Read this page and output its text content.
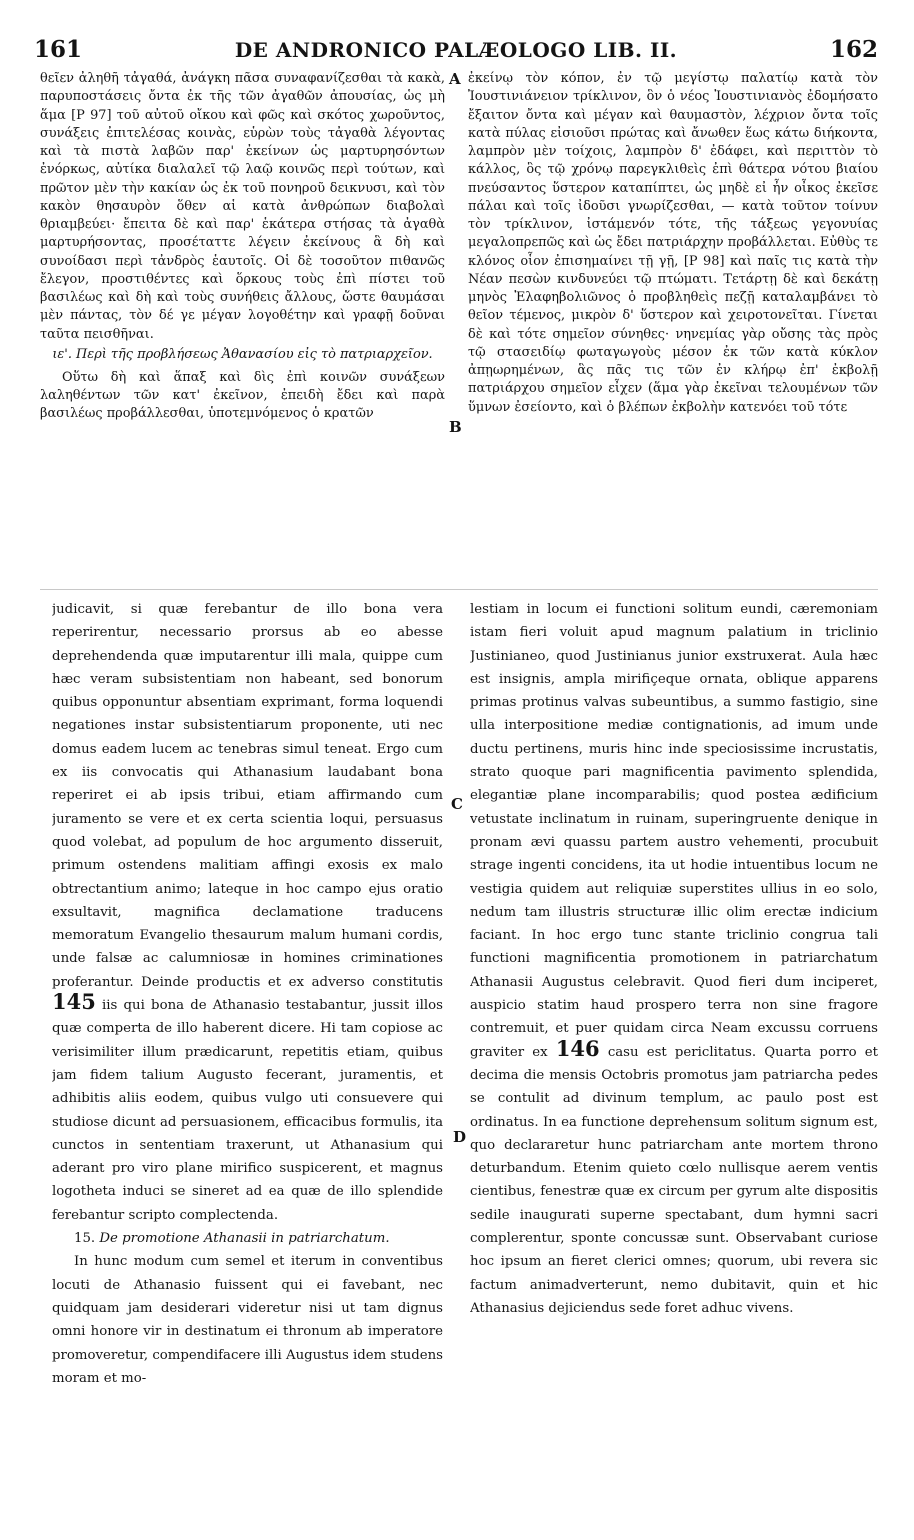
161	DE ANDRONICO PALÆOLOGO LIB. II.	162
A
B
C
D

θεῖεν ἀληθῆ τἀγαθά, ἀνάγκη πᾶσα συναφανίζεσθαι τὰ κακὰ, παρυποστάσεις ὄντα ἐκ τῆς τῶν ἀγαθῶν ἀπουσίας, ὡς μὴ ἅμα [P 97] τοῦ αὐτοῦ οἴκου καὶ φῶς καὶ σκότος χωροῦντος, συνάξεις ἐπιτελέσας κοινὰς, εὑρὼν τοὺς τἀγαθὰ λέγοντας καὶ τὰ πιστὰ λαβῶν παρ' ἐκείνων ὡς μαρτυρησόντων ἐνόρκως, αὐτίκα διαλαλεῖ τῷ λαῷ κοινῶς περὶ τούτων, καὶ πρῶτον μὲν τὴν κακίαν ὡς ἐκ τοῦ πονηροῦ δεικνυσι, καὶ τὸν κακὸν θησαυρὸν ὅθεν αἱ κατὰ ἀνθρώπων διαβολαὶ θριαμβεύει· ἔπειτα δὲ καὶ παρ' ἑκάτερα στήσας τὰ ἀγαθὰ μαρτυρήσοντας, προσέταττε λέγειν ἐκείνους ἃ δὴ καὶ συνοίδασι περὶ τἀνδρὸς ἑαυτοῖς. Οἱ δὲ τοσοῦτον πιθανῶς ἔλεγον, προστιθέντες καὶ ὅρκους τοὺς ἐπὶ πίστει τοῦ βασιλέως καὶ δὴ καὶ τοὺς συνήθεις ἄλλους, ὥστε θαυμάσαι μὲν πάντας, τὸν δέ γε μέγαν λογοθέτην καὶ γραφῇ δοῦναι ταῦτα πεισθῆναι.

ιε'. Περὶ τῆς προβλήσεως Ἀθανασίου εἰς τὸ πατριαρχεῖον.

Οὕτω δὴ καὶ ἅπαξ καὶ δὶς ἐπὶ κοινῶν συνάξεων λαληθέντων τῶν κατ' ἐκεῖνον, ἐπειδὴ ἔδει καὶ παρὰ βασιλέως προβάλλεσθαι, ὑποτεμνόμενος ὁ κρατῶν

ἐκείνῳ τὸν κόπον, ἐν τῷ μεγίστῳ παλατίῳ κατὰ τὸν Ἰουστινιάνειον τρίκλινον, ὃν ὁ νέος Ἰουστινιανὸς ἐδομήσατο ἔξαιτον ὄντα καὶ μέγαν καὶ θαυμαστὸν, λέχριον ὄντα τοῖς κατὰ πύλας εἰσιοῦσι πρώτας καὶ ἄνωθεν ἕως κάτω διήκοντα, λαμπρὸν μὲν τοίχοις, λαμπρὸν δ' ἐδάφει, καὶ περιττὸν τὸ κάλλος, ὃς τῷ χρόνῳ παρεγκλιθεὶς ἐπὶ θάτερα νότου βιαίου πνεύσαντος ὕστερον καταπίπτει, ὡς μηδὲ εἰ ἦν οἶκος ἐκεῖσε πάλαι καὶ τοῖς ἰδοῦσι γνωρίζεσθαι, — κατὰ τοῦτον τοίνυν τὸν τρίκλινον, ἰστάμενόν τότε, τῆς τάξεως γεγονυίας μεγαλοπρεπῶς καὶ ὡς ἔδει πατριάρχην προβάλλεται. Εὐθὺς τε κλόνος οἷον ἐπισημαίνει τῇ γῇ, [P 98] καὶ παῖς τις κατὰ τὴν Νέαν πεσὼν κινδυνεύει τῷ πτώματι. Τετάρτῃ δὲ καὶ δεκάτῃ μηνὸς Ἐλαφηβολιῶνος ὁ προβληθεὶς πεζῇ καταλαμβάνει τὸ θεῖον τέμενος, μικρὸν δ' ὕστερον καὶ χειροτονεῖται. Γίνεται δὲ καὶ τότε σημεῖον σύνηθες· νηνεμίας γὰρ οὔσης τὰς πρὸς τῷ στασειδίῳ φωταγωγοὺς μέσον ἐκ τῶν κατὰ κύκλον ἀπῃωρημένων, ἃς πᾶς τις τῶν ἐν κλήρῳ ἐπ' ἐκβολῇ πατριάρχου σημεῖον εἶχεν (ἅμα γὰρ ἐκεῖναι τελουμένων τῶν ὕμνων ἐσείοντο, καὶ ὁ βλέπων ἐκβολὴν κατενόει τοῦ τότε

judicavit, si quæ ferebantur de illo bona vera reperirentur, necessario prorsus ab eo abesse deprehendenda quæ imputarentur illi mala, quippe cum hæc veram subsistentiam non habeant, sed bonorum quibus opponuntur absentiam exprimant, forma loquendi negationes instar subsistentiarum proponente, uti nec domus eadem lucem ac tenebras simul teneat. Ergo cum ex iis convocatis qui Athanasium laudabant bona reperiret ei ab ipsis tribui, etiam affirmando cum juramento se vere et ex certa scientia loqui, persuasus quod volebat, ad populum de hoc argumento disseruit, primum ostendens malitiam affingi exosis ex malo obtrectantium animo; lateque in hoc campo ejus oratio exsultavit, magnifica declamatione traducens memoratum Evangelio thesaurum malum humani cordis, unde falsæ ac calumniosæ in homines criminationes proferantur. Deinde productis et ex adverso constitutis 145 iis qui bona de Athanasio testabantur, jussit illos quæ comperta de illo haberent dicere. Hi tam copiose ac verisimiliter illum prædicarunt, repetitis etiam, quibus jam fidem talium Augusto fecerant, juramentis, et adhibitis aliis eodem, quibus vulgo uti consuevere qui studiose dicunt ad persuasionem, efficacibus formulis, ita cunctos in sententiam traxerunt, ut Athanasium qui aderant pro viro plane mirifico suspicerent, et magnus logotheta induci se sineret ad ea quæ de illo splendide ferebantur scripto complectenda.

15. De promotione Athanasii in patriarchatum.

In hunc modum cum semel et iterum in conventibus locuti de Athanasio fuissent qui ei favebant, nec quidquam jam desiderari videretur nisi ut tam dignus omni honore vir in destinatum ei thronum ab imperatore promoveretur, compendifacere illi Augustus idem studens moram et mo-

lestiam in locum ei functioni solitum eundi, cæremoniam istam fieri voluit apud magnum palatium in triclinio Justinianeo, quod Justinianus junior exstruxerat. Aula hæc est insignis, ampla mirifiçeque ornata, oblique apparens primas protinus valvas subeuntibus, a summo fastigio, sine ulla interpositione mediæ contignationis, ad imum unde ductu pertinens, muris hinc inde speciosissime incrustatis, strato quoque pari magnificentia pavimento splendida, elegantiæ plane incomparabilis; quod postea ædificium vetustate inclinatum in ruinam, superingruente denique in pronam ævi quassu partem austro vehementi, procubuit strage ingenti concidens, ita ut hodie intuentibus locum ne vestigia quidem aut reliquiæ superstites ullius in eo solo, nedum tam illustris structuræ illic olim erectæ indicium faciant. In hoc ergo tunc stante triclinio congrua tali functioni magnificentia promotionem in patriarchatum Athanasii Augustus celebravit. Quod fieri dum inciperet, auspicio statim haud prospero terra non sine fragore contremuit, et puer quidam circa Neam excussu corruens graviter ex 146 casu est periclitatus. Quarta porro et decima die mensis Octobris promotus jam patriarcha pedes se contulit ad divinum templum, ac paulo post est ordinatus. In ea functione deprehensum solitum signum est, quo declararetur hunc patriarcham ante mortem throno deturbandum. Etenim quieto cœlo nullisque aerem ventis cientibus, fenestræ quæ ex circum per gyrum alte dispositis sedile inaugurati superne spectabant, dum hymni sacri complerentur, sponte concussæ sunt. Observabant curiose hoc ipsum an fieret clerici omnes; quorum, ubi revera sic factum animadverterunt, nemo dubitavit, quin et hic Athanasius dejiciendus sede foret adhuc vivens.
